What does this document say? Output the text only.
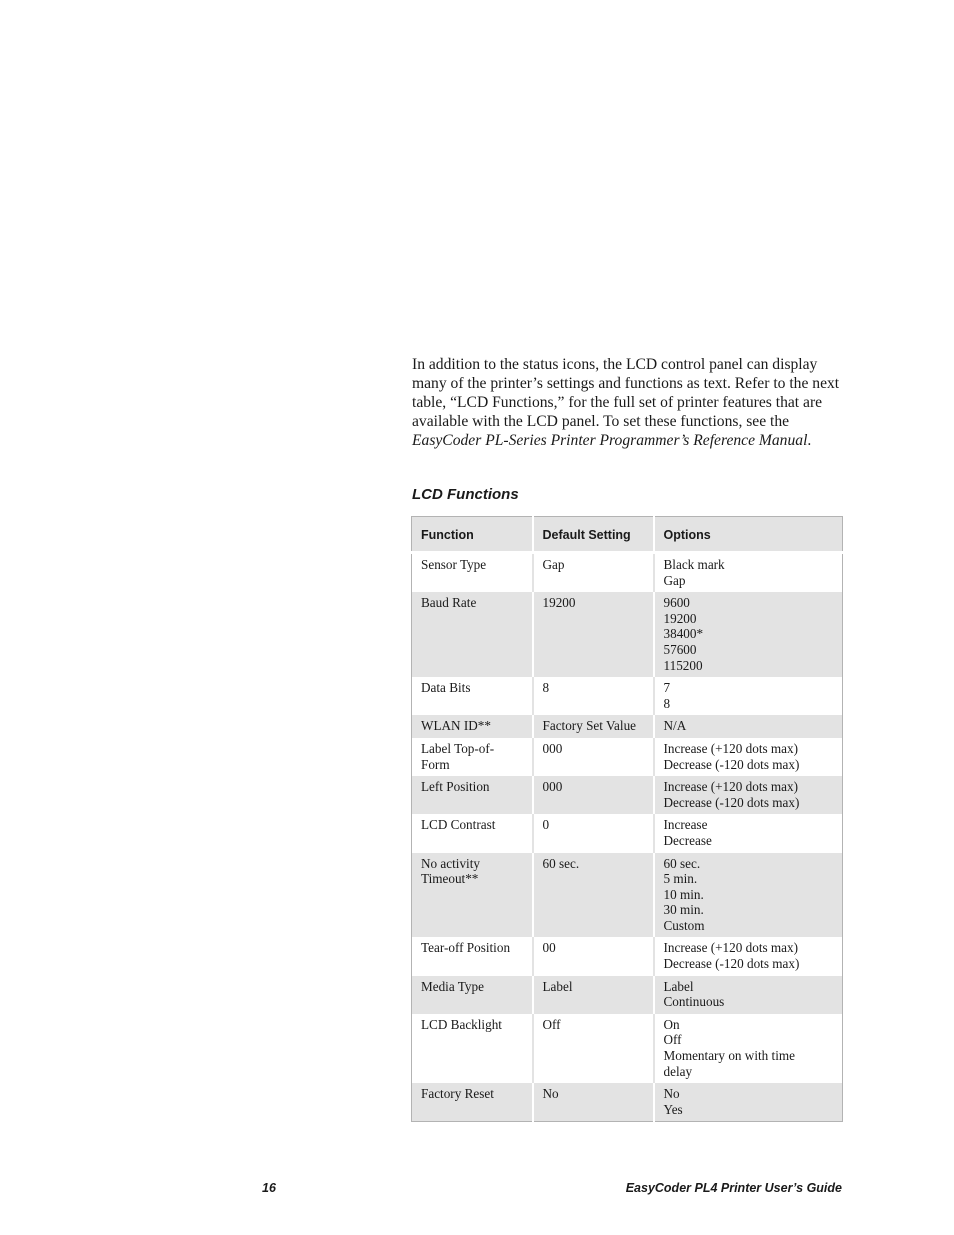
In addition to the status icons, the LCD control panel can display many of the printer’s settings and functions as text. Refer to the next table, “LCD Functions,” for the full set of printer features that are available with the LCD panel. To set these functions, see the EasyCoder PL-Series Printer Programmer’s Reference Manual.

LCD Functions
Function	Default Setting	Options
Sensor Type	Gap	Black mark
Gap
Baud Rate	19200	9600
19200
38400*
57600
115200
Data Bits	8	7
8
WLAN ID**	Factory Set Value	N/A
Label Top-of-
Form	000	Increase (+120 dots max)
Decrease (-120 dots max)
Left Position	000	Increase (+120 dots max)
Decrease (-120 dots max)
LCD Contrast	0	Increase
Decrease
No activity
Timeout**	60 sec.	60 sec.
5 min.
10 min.
30 min.
Custom
Tear-off Position	00	Increase (+120 dots max)
Decrease (-120 dots max)
Media Type	Label	Label
Continuous
LCD Backlight	Off	On
Off
Momentary on with time
delay
Factory Reset	No	No
Yes
16	EasyCoder PL4 Printer User’s Guide
